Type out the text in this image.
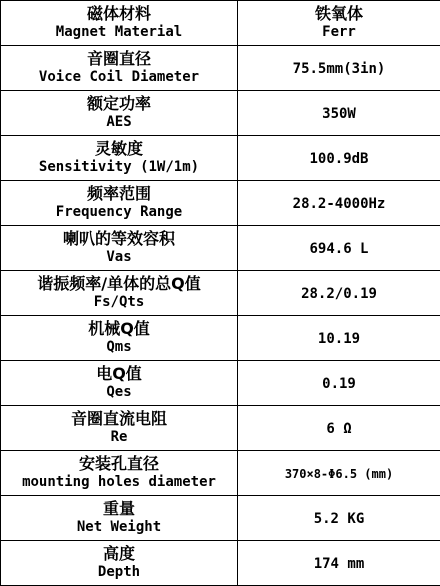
磁体材料
Magnet Material	铁氧体
Ferr

音圈直径
Voice Coil Diameter	75.5mm(3in)

额定功率
AES	350W

灵敏度
Sensitivity (1W/1m)	100.9dB

频率范围
Frequency Range	28.2-4000Hz

喇叭的等效容积
Vas	694.6 L

谐振频率/单体的总Q值
Fs/Qts	28.2/0.19

机械Q值
Qms	10.19

电Q值
Qes	0.19

音圈直流电阻
Re	6 Ω

安装孔直径
mounting holes diameter	370×8-Φ6.5 (mm)

重量
Net Weight	5.2 KG

高度
Depth	174 mm
